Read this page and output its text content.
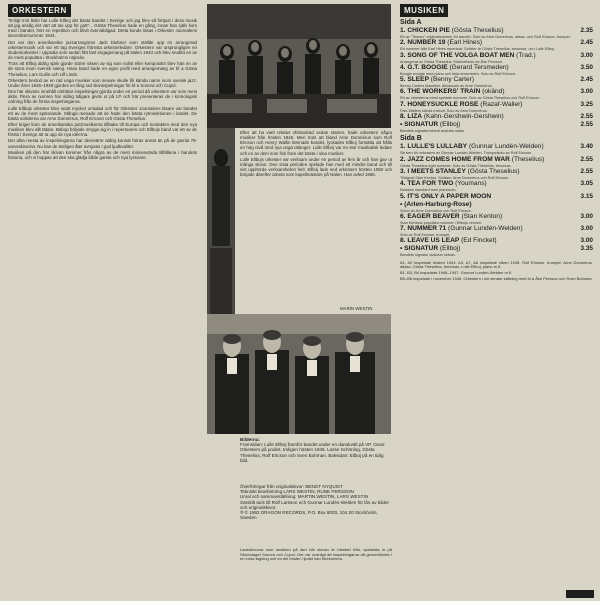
ORKESTERN

"Enligt min åsikt har Lulle Ellboj det bästa bandet i Sverige och jag blev så förtjust i dess musik att jag ansåg det värt att tas upp för gott"... Gösta Theselius hade en gång, innan han själv kom med i bandet, hört en repetition och blivit överväldigad. Detta kunde läsas i Orkester Journalens decembernummer 1944.

Det var den amerikanske jazzarrangören Jack Diebner som ställde upp en arrangerad orkestermusik och var ett tag Sveriges främsta orkesterledare. Orkestern var ursprungligen en studentorkester i Uppsala som sedan fått fast engagemang på Nalen 1943 och blev snabbt en av de mest populära i Stockholms nöjesliv.

Trots att Ellboj aldrig själv gjorde större väsen av sig som solist eller kompositör blev han en av de stora inom svensk swing. Hans band hade en egen profil med arrangemang av bl a Gösta Theselius, Lars Gullin och Ulf Linde.

Orkestern bestod av en rad unga musiker som senare skulle bli kända namn inom svensk jazz. Under åren 1945–1948 gjordes en lång rad skivinspelningar för bl a Sonora och Cupol.

Den här skivans innehåll omfattar inspelningar gjorda under en period då orkestern var som mest aktiv. Flera av numren har aldrig tidigare givits ut på LP och här presenteras de i kronologisk ordning från de första inspelningarna.

Lulle Ellbojs orkester blev snart mycket omtalad och för Orkester Journalens läsare var bandet ett av de mest spännande. Många menade att de hade den bästa rytmsektionen i landet. De bästa solisterna var Arne Domnérus, Rolf Ericson och Gösta Theselius.

Efter kriget kom de amerikanska jazzmusikerna tillbaka till Europa och kontakten med den nya musiken blev allt tätare. Bebop började smyga sig in i repertoaren och Ellbojs band var ett av de första i Sverige att ta upp de nya idéerna.

Det allra mesta av inspelningarna har dessvärre aldrig kunnat höras annat än på de gamla 78-varvsskivorna. Nu kan de äntligen åter avnjutas i god ljudkvalitet.

Musiken på den här skivan kommer från några av de mest minnesvärda tillfällena i bandets historia, och vi hoppas att den ska glädja både gamla och nya lyssnare.

Efter att ha varit relativt oförändrad sedan starten, hade orkestern några musiker från hösten 1946. Men trots att bland Arne Domnérus som Rolf Ericson och Henry Wallin lämnade bandet, lyckades Ellboj fortsätta att hålla en hög nivå med nya unga talanger. Lulle Ellboj var en stor musikalisk ledare och en av dem som fick fram det bästa i sina musiker.

Lulle Ellbojs orkester var verksam under en period av fem år och han gav ut många skivor. Den sista perioden spelade han med ett mindre band och till sist upphörde verksamheten helt. Ellboj lade ned orkestern hösten 1950 och började därefter arbeta som kapellmästare på Nalen. Han avled 1966.

MARIN WESTIN
Bilderna:
Framsidan: Lulle Ellboj framför bandet under en danskväll på VP. Ovan: Orkestern på podiet, troligen hösten 1946. Lasse Schöning, Gösta Theselius, Rolf Ericson och Sven Bohman. Baksidan: Ellboj på en tidig bild.
Överföringar från originalskivor: BENGT NYQUIST
Tekniskt bearbetning LARS WESTIN, RUNE PERSSON
Urval och sammanställning: MARTIN WESTIN, LARS WESTIN
Särskilt tack till Rolf Larsson och Gunnar Lundén-Welden för lån av bilder och originalskivor.
℗ © 1982 DRAGON RECORDS, P.O. Box 8003, 104 20 Stockholm, Sweden
Lackskivorna som musiken på den här skivan är hämtad från, speladas in på Skivbolaget Sonora och Cupol. Det var ovanligt att inspelningarna då genomfördes i en enda tagning och en del brister i ljudet kan förekomma.
MUSIKEN
Sida A
1. CHICKEN PIE (Gösta Theselius)	2.35
Ett av "Tesses" originalnummer för bandet. Solo av Arne Domnérus, altsax, och Rolf Ericson, trumpet.
2. NUMBER 19 (Earl Hines)	2.45
Ett nummer från Earl Hines repertoar. Solister är Gösta Theselius, tenorsax, och Lulle Ellboj.
3. SONG OF THE VOLGA BOAT MEN (Trad.)	3.00
Arrangerat av Gösta Theselius. Klarinettsolo av Åke Persson.
4. G.T. BOOGIE (Gerard Tersmeden)	3.50
Boogie woogie med piano och hela ensemblen. Solo av Rolf Ericson.
5. SLEEP (Benny Carter)	2.45
Benny Carters klassiker. Altsaxsolo av Arne Domnérus.
6. THE WORKERS' TRAIN (okänd)	3.00
Ett av orkesterns mest spelade nummer. Solo av Gösta Theselius och Rolf Ericson.
7. HONEYSUCKLE ROSE (Razaf-Waller)	3.25
Fats Wallers kända melodi. Solo av Arne Domnérus.
8. LIZA (Kahn-Gershwin-Gershwin)	2.55
• SIGNATUR (Ellboj)	2.55
Bandets signaturmelodi avslutar sidan.
Sida B
1. LULLE'S LULLABY (Gunnar Lundén-Welden)	3.40
Skriven för orkestern av Gunnar Lundén-Welden. Trumpetsolo av Rolf Ericson.
2. JAZZ COMES HOME FROM WAR (Theselius)	2.55
Gösta Theselius eget nummer. Solo av Gösta Theselius, tenorsax.
3. I MEETS STANLEY (Gösta Theselius)	2.55
Tillägnat Stan Kenton. Solister: Arne Domnérus och Rolf Ericson.
4. TEA FOR TWO (Youmans)	3.05
Klassisk standard med pianosolo.
5. IT'S ONLY A PAPER MOON	3.15
• (Arlen-Harburg-Rose)
Solon av Arne Domnérus och Rolf Ericson.
6. EAGER BEAVER (Stan Kenton)	3.00
Stan Kentons populära nummer i Ellbojs version.
7. NUMMER 71 (Gunnar Lundén-Welden)	3.00
Solo av Rolf Ericson, trumpet.
8. LEAVE US LEAP (Ed Fincket)	3.00
• SIGNATUR (Ellboj)	3.35
Bandets signatur avslutar skivan.

A1, A2 inspelade hösten 1944. A3, A7, A8 inspelade våren 1945. Rolf Ericson, trumpet; Arne Domnérus, altsax; Gösta Theselius, tenorsax; Lulle Ellboj, piano m fl.

B1, B3, B4 inspelade 1946–1947. Gunnar Lundén-Welden m fl.

B5–B8 inspelade i november 1946. Orkestern i sin senare sättning med bl a Åke Persson och Sven Bohman.
